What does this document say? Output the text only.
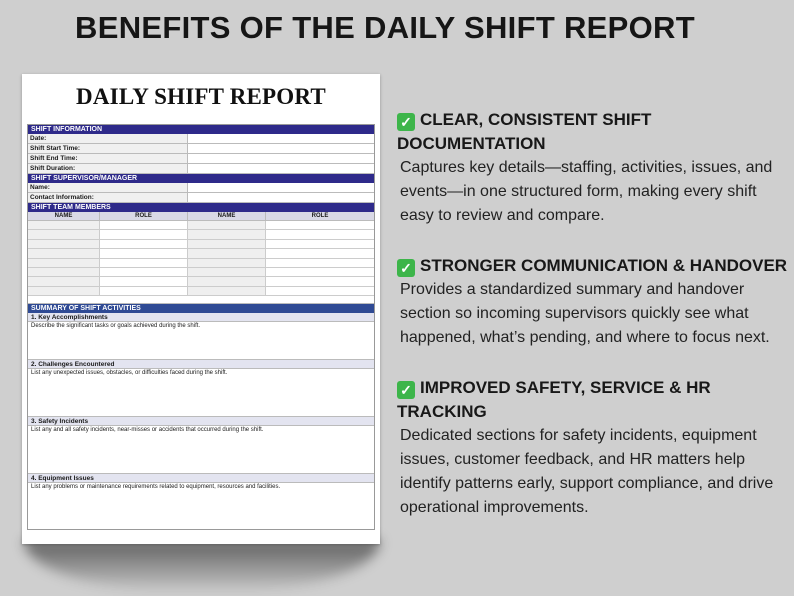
BENEFITS OF THE DAILY SHIFT REPORT
DAILY SHIFT REPORT
SHIFT INFORMATION
Date:
Shift Start Time:
Shift End Time:
Shift Duration:
SHIFT SUPERVISOR/MANAGER
Name:
Contact Information:
SHIFT TEAM MEMBERS
NAME	ROLE	NAME	ROLE
SUMMARY OF SHIFT ACTIVITIES
1. Key Accomplishments
Describe the significant tasks or goals achieved during the shift.
2. Challenges Encountered
List any unexpected issues, obstacles, or difficulties faced during the shift.
3. Safety Incidents
List any and all safety incidents, near-misses or accidents that occurred during the shift.
4. Equipment Issues
List any problems or maintenance requirements related to equipment, resources and facilities.
✓ CLEAR, CONSISTENT SHIFT DOCUMENTATION
Captures key details—staffing, activities, issues, and events—in one structured form, making every shift easy to review and compare.
✓ STRONGER COMMUNICATION & HANDOVER
Provides a standardized summary and handover section so incoming supervisors quickly see what happened, what’s pending, and where to focus next.
✓ IMPROVED SAFETY, SERVICE & HR TRACKING
Dedicated sections for safety incidents, equipment issues, customer feedback, and HR matters help identify patterns early, support compliance, and drive operational improvements.
